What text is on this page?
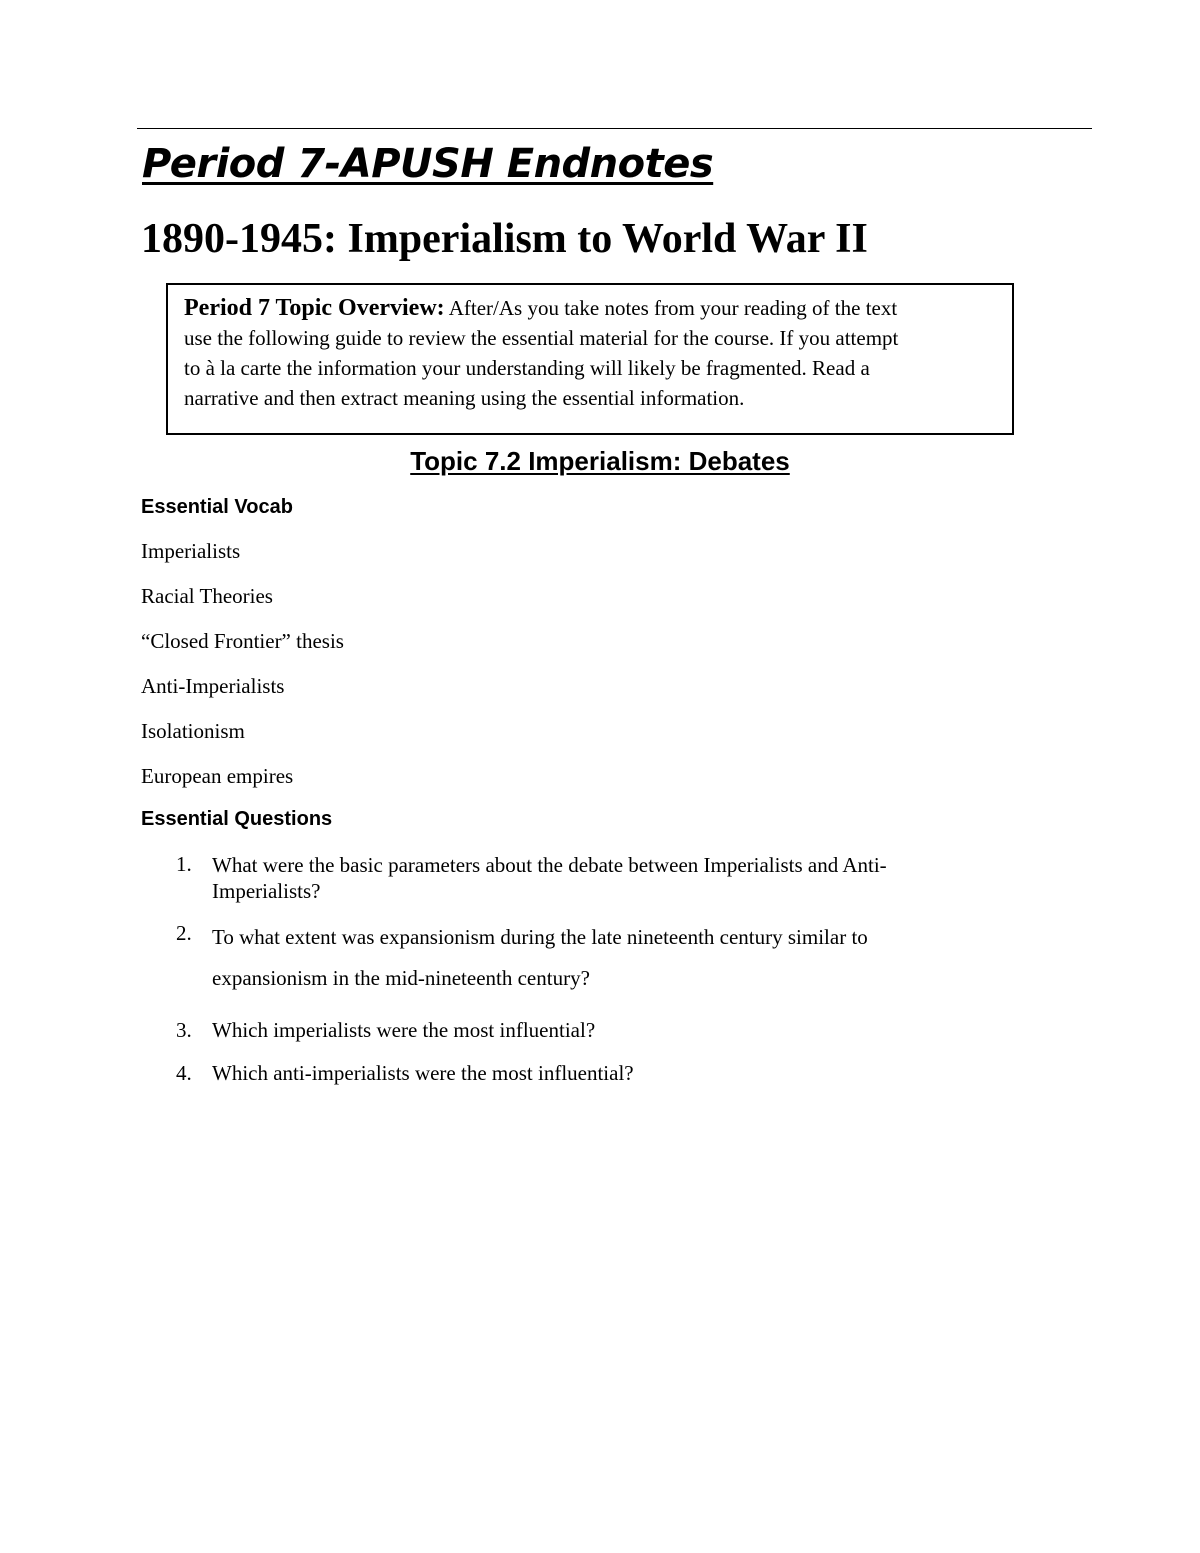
Period 7-APUSH Endnotes
1890-1945: Imperialism to World War II

Period 7 Topic Overview: After/As you take notes from your reading of the text
use the following guide to review the essential material for the course. If you attempt
to à la carte the information your understanding will likely be fragmented. Read a
narrative and then extract meaning using the essential information.

Topic 7.2 Imperialism: Debates
Essential Vocab
Imperialists
Racial Theories
“Closed Frontier” thesis
Anti-Imperialists
Isolationism
European empires
Essential Questions
1. What were the basic parameters about the debate between Imperialists and Anti-
Imperialists?
2. To what extent was expansionism during the late nineteenth century similar to
expansionism in the mid-nineteenth century?
3. Which imperialists were the most influential?
4. Which anti-imperialists were the most influential?
